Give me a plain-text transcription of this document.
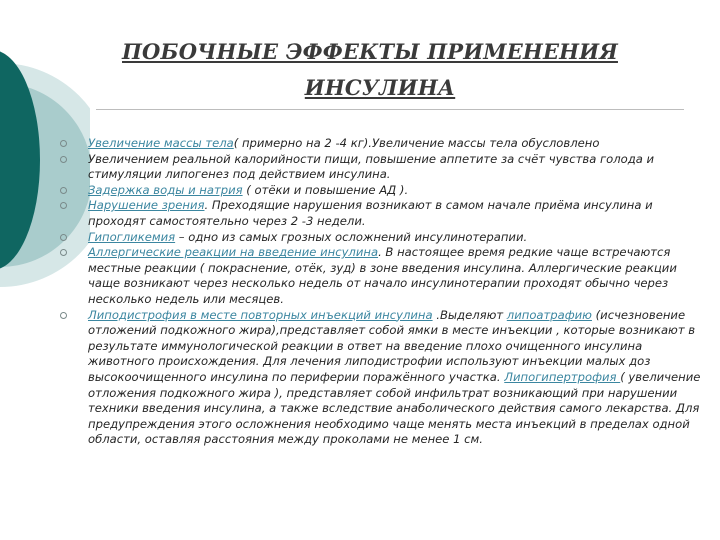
ПОБОЧНЫЕ ЭФФЕКТЫ ПРИМЕНЕНИЯ
ИНСУЛИНА
Увеличение массы тела( примерно на 2 -4 кг).Увеличение массы тела обусловлено
Увеличением реальной калорийности пищи, повышение аппетите за счёт чувства голода и стимуляции липогенез под действием инсулина.
Задержка воды и натрия ( отёки и повышение АД ).
Нарушение зрения. Преходящие нарушения возникают в самом начале приёма инсулина и проходят самостоятельно через 2 -3 недели.
Гипогликемия – одно из самых грозных осложнений инсулинотерапии.
Аллергические реакции на введение инсулина. В настоящее время редкие чаще встречаются местные реакции ( покраснение, отёк, зуд) в зоне введения инсулина. Аллергические реакции чаще возникают через несколько недель от начало инсулинотерапии проходят обычно через несколько недель или месяцев.
Липодистрофия в месте повторных инъекций инсулина .Выделяют липоатрафию (исчезновение отложений подкожного жира),представляет собой ямки в месте инъекции , которые возникают в результате иммунологической реакции в ответ на введение плохо очищенного инсулина животного происхождения. Для лечения липодистрофии используют инъекции малых доз высокоочищенного инсулина по периферии поражённого участка. Липогипертрофия ( увеличение отложения подкожного жира ), представляет собой инфильтрат возникающий при нарушении техники введения инсулина, а также вследствие анаболического действия самого лекарства. Для предупреждения этого осложнения необходимо чаще менять места инъекций в пределах одной области, оставляя расстояния между проколами не менее 1 см.
